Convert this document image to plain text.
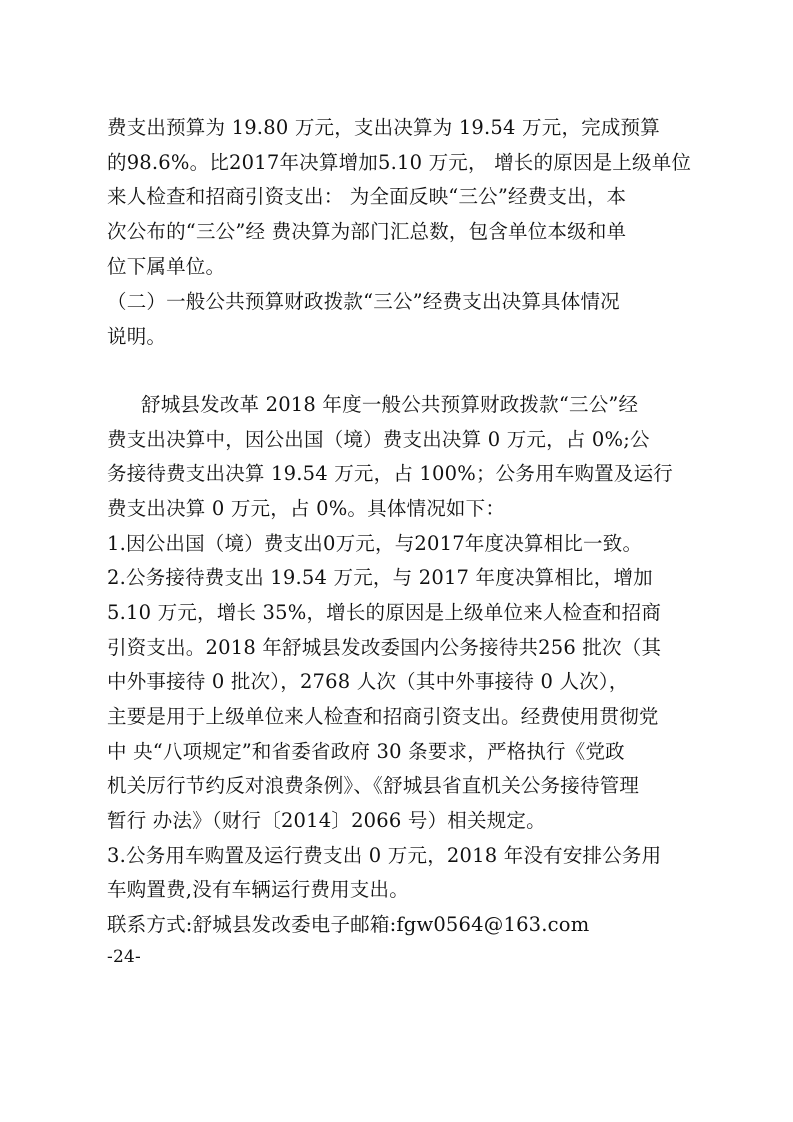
费支出预算为 19.80 万元，支出决算为 19.54 万元，完成预算
的98.6%。比2017年决算增加5.10 万元， 增长的原因是上级单位
来人检查和招商引资支出： 为全面反映“三公”经费支出，本
次公布的“三公”经 费决算为部门汇总数，包含单位本级和单
位下属单位。
（二）一般公共预算财政拨款“三公”经费支出决算具体情况
说明。
舒城县发改革 2018 年度一般公共预算财政拨款“三公”经
费支出决算中，因公出国（境）费支出决算 0 万元，占 0%;公
务接待费支出决算 19.54 万元，占 100%；公务用车购置及运行
费支出决算 0 万元，占 0%。具体情况如下：
1.因公出国（境）费支出0万元，与2017年度决算相比一致。
2.公务接待费支出 19.54 万元，与 2017 年度决算相比，增加
5.10 万元，增长 35%，增长的原因是上级单位来人检查和招商
引资支出。2018 年舒城县发改委国内公务接待共256 批次（其
中外事接待 0 批次），2768 人次（其中外事接待 0 人次），
主要是用于上级单位来人检查和招商引资支出。经费使用贯彻党
中 央“八项规定”和省委省政府 30 条要求，严格执行《党政
机关厉行节约反对浪费条例》、《舒城县省直机关公务接待管理
暂行 办法》（财行〔2014〕2066 号）相关规定。
3.公务用车购置及运行费支出 0 万元，2018 年没有安排公务用
车购置费,没有车辆运行费用支出。
联系方式:舒城县发改委电子邮箱:fgw0564@163.com
-24-
